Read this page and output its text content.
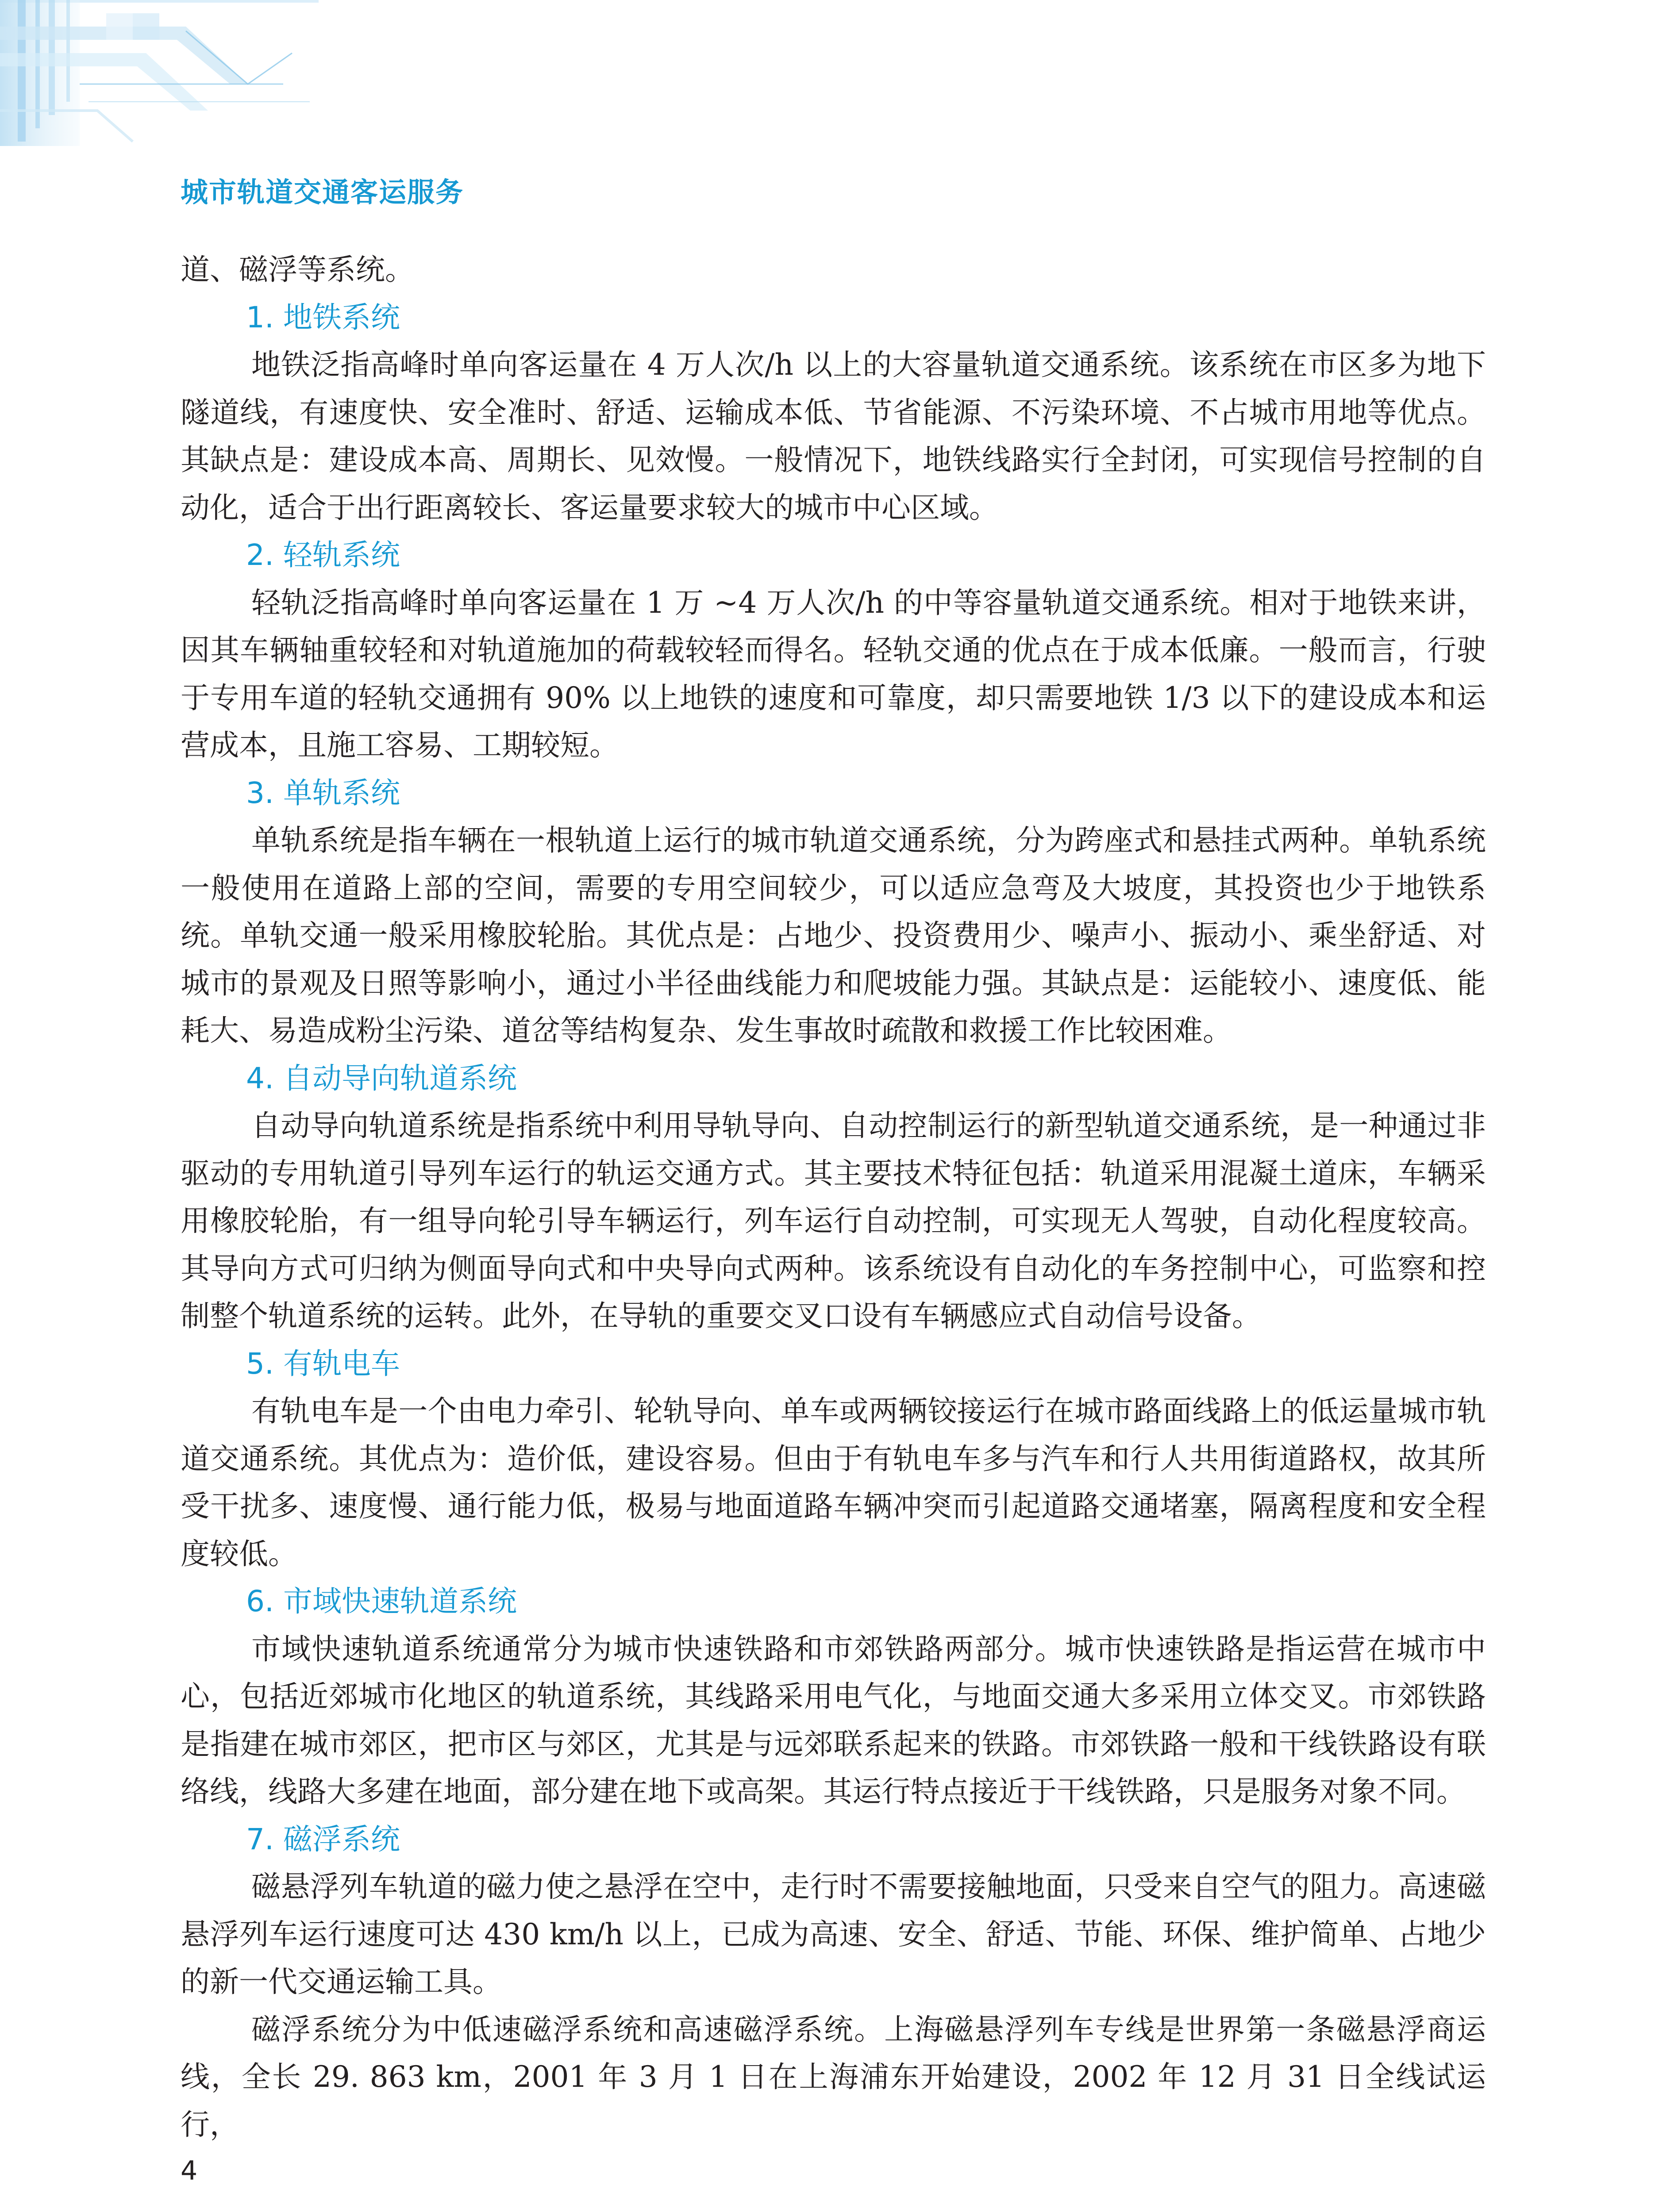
城市轨道交通客运服务

道、磁浮等系统。

1. 地铁系统

地铁泛指高峰时单向客运量在 4 万人次/h 以上的大容量轨道交通系统。该系统在市区多为地下隧道线，有速度快、安全准时、舒适、运输成本低、节省能源、不污染环境、不占城市用地等优点。其缺点是：建设成本高、周期长、见效慢。一般情况下，地铁线路实行全封闭，可实现信号控制的自动化，适合于出行距离较长、客运量要求较大的城市中心区域。

2. 轻轨系统

轻轨泛指高峰时单向客运量在 1 万 ~4 万人次/h 的中等容量轨道交通系统。相对于地铁来讲，因其车辆轴重较轻和对轨道施加的荷载较轻而得名。轻轨交通的优点在于成本低廉。一般而言，行驶于专用车道的轻轨交通拥有 90% 以上地铁的速度和可靠度，却只需要地铁 1/3 以下的建设成本和运营成本，且施工容易、工期较短。

3. 单轨系统

单轨系统是指车辆在一根轨道上运行的城市轨道交通系统，分为跨座式和悬挂式两种。单轨系统一般使用在道路上部的空间，需要的专用空间较少，可以适应急弯及大坡度，其投资也少于地铁系统。单轨交通一般采用橡胶轮胎。其优点是：占地少、投资费用少、噪声小、振动小、乘坐舒适、对城市的景观及日照等影响小，通过小半径曲线能力和爬坡能力强。其缺点是：运能较小、速度低、能耗大、易造成粉尘污染、道岔等结构复杂、发生事故时疏散和救援工作比较困难。

4. 自动导向轨道系统

自动导向轨道系统是指系统中利用导轨导向、自动控制运行的新型轨道交通系统，是一种通过非驱动的专用轨道引导列车运行的轨运交通方式。其主要技术特征包括：轨道采用混凝土道床，车辆采用橡胶轮胎，有一组导向轮引导车辆运行，列车运行自动控制，可实现无人驾驶，自动化程度较高。其导向方式可归纳为侧面导向式和中央导向式两种。该系统设有自动化的车务控制中心，可监察和控制整个轨道系统的运转。此外，在导轨的重要交叉口设有车辆感应式自动信号设备。

5. 有轨电车

有轨电车是一个由电力牵引、轮轨导向、单车或两辆铰接运行在城市路面线路上的低运量城市轨道交通系统。其优点为：造价低，建设容易。但由于有轨电车多与汽车和行人共用街道路权，故其所受干扰多、速度慢、通行能力低，极易与地面道路车辆冲突而引起道路交通堵塞，隔离程度和安全程度较低。

6. 市域快速轨道系统

市域快速轨道系统通常分为城市快速铁路和市郊铁路两部分。城市快速铁路是指运营在城市中心，包括近郊城市化地区的轨道系统，其线路采用电气化，与地面交通大多采用立体交叉。市郊铁路是指建在城市郊区，把市区与郊区，尤其是与远郊联系起来的铁路。市郊铁路一般和干线铁路设有联络线，线路大多建在地面，部分建在地下或高架。其运行特点接近于干线铁路，只是服务对象不同。

7. 磁浮系统

磁悬浮列车轨道的磁力使之悬浮在空中，走行时不需要接触地面，只受来自空气的阻力。高速磁悬浮列车运行速度可达 430 km/h 以上，已成为高速、安全、舒适、节能、环保、维护简单、占地少的新一代交通运输工具。

磁浮系统分为中低速磁浮系统和高速磁浮系统。上海磁悬浮列车专线是世界第一条磁悬浮商运线，全长 29. 863 km，2001 年 3 月 1 日在上海浦东开始建设，2002 年 12 月 31 日全线试运行，

4
